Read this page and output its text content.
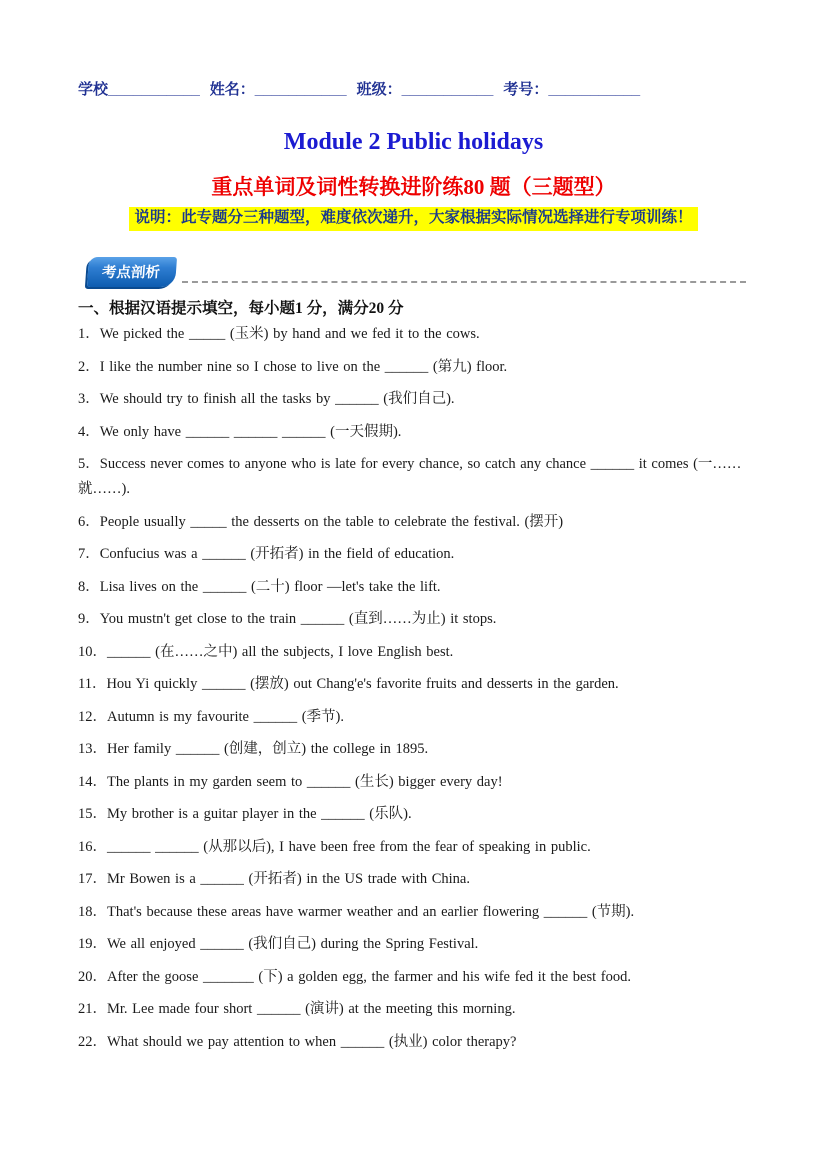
学校___________ 姓名：___________ 班级：___________ 考号：___________
Module 2 Public holidays
重点单词及词性转换进阶练80 题（三题型）
说明：此专题分三种题型，难度依次递升，大家根据实际情况选择进行专项训练！
考点剖析
一、根据汉语提示填空，每小题1 分，满分20 分
1．We picked the _____ (玉米) by hand and we fed it to the cows.
2．I like the number nine so I chose to live on the ______ (第九) floor.
3．We should try to finish all the tasks by ______ (我们自己).
4．We only have ______ ______ ______ (一天假期).
5．Success never comes to anyone who is late for every chance, so catch any chance ______ it comes (一……就……).
6．People usually _____ the desserts on the table to celebrate the festival. (摆开)
7．Confucius was a ______ (开拓者) in the field of education.
8．Lisa lives on the ______ (二十) floor —let's take the lift.
9．You mustn't get close to the train ______ (直到……为止) it stops.
10．______ (在……之中) all the subjects, I love English best.
11．Hou Yi quickly ______ (摆放) out Chang'e's favorite fruits and desserts in the garden.
12．Autumn is my favourite ______ (季节).
13．Her family ______ (创建，创立) the college in 1895.
14．The plants in my garden seem to ______ (生长) bigger every day!
15．My brother is a guitar player in the ______ (乐队).
16．______ ______ (从那以后), I have been free from the fear of speaking in public.
17．Mr Bowen is a ______ (开拓者) in the US trade with China.
18．That's because these areas have warmer weather and an earlier flowering ______ (节期).
19．We all enjoyed ______ (我们自己) during the Spring Festival.
20．After the goose _______ (下) a golden egg, the farmer and his wife fed it the best food.
21．Mr. Lee made four short ______ (演讲) at the meeting this morning.
22．What should we pay attention to when ______ (执业) color therapy?
